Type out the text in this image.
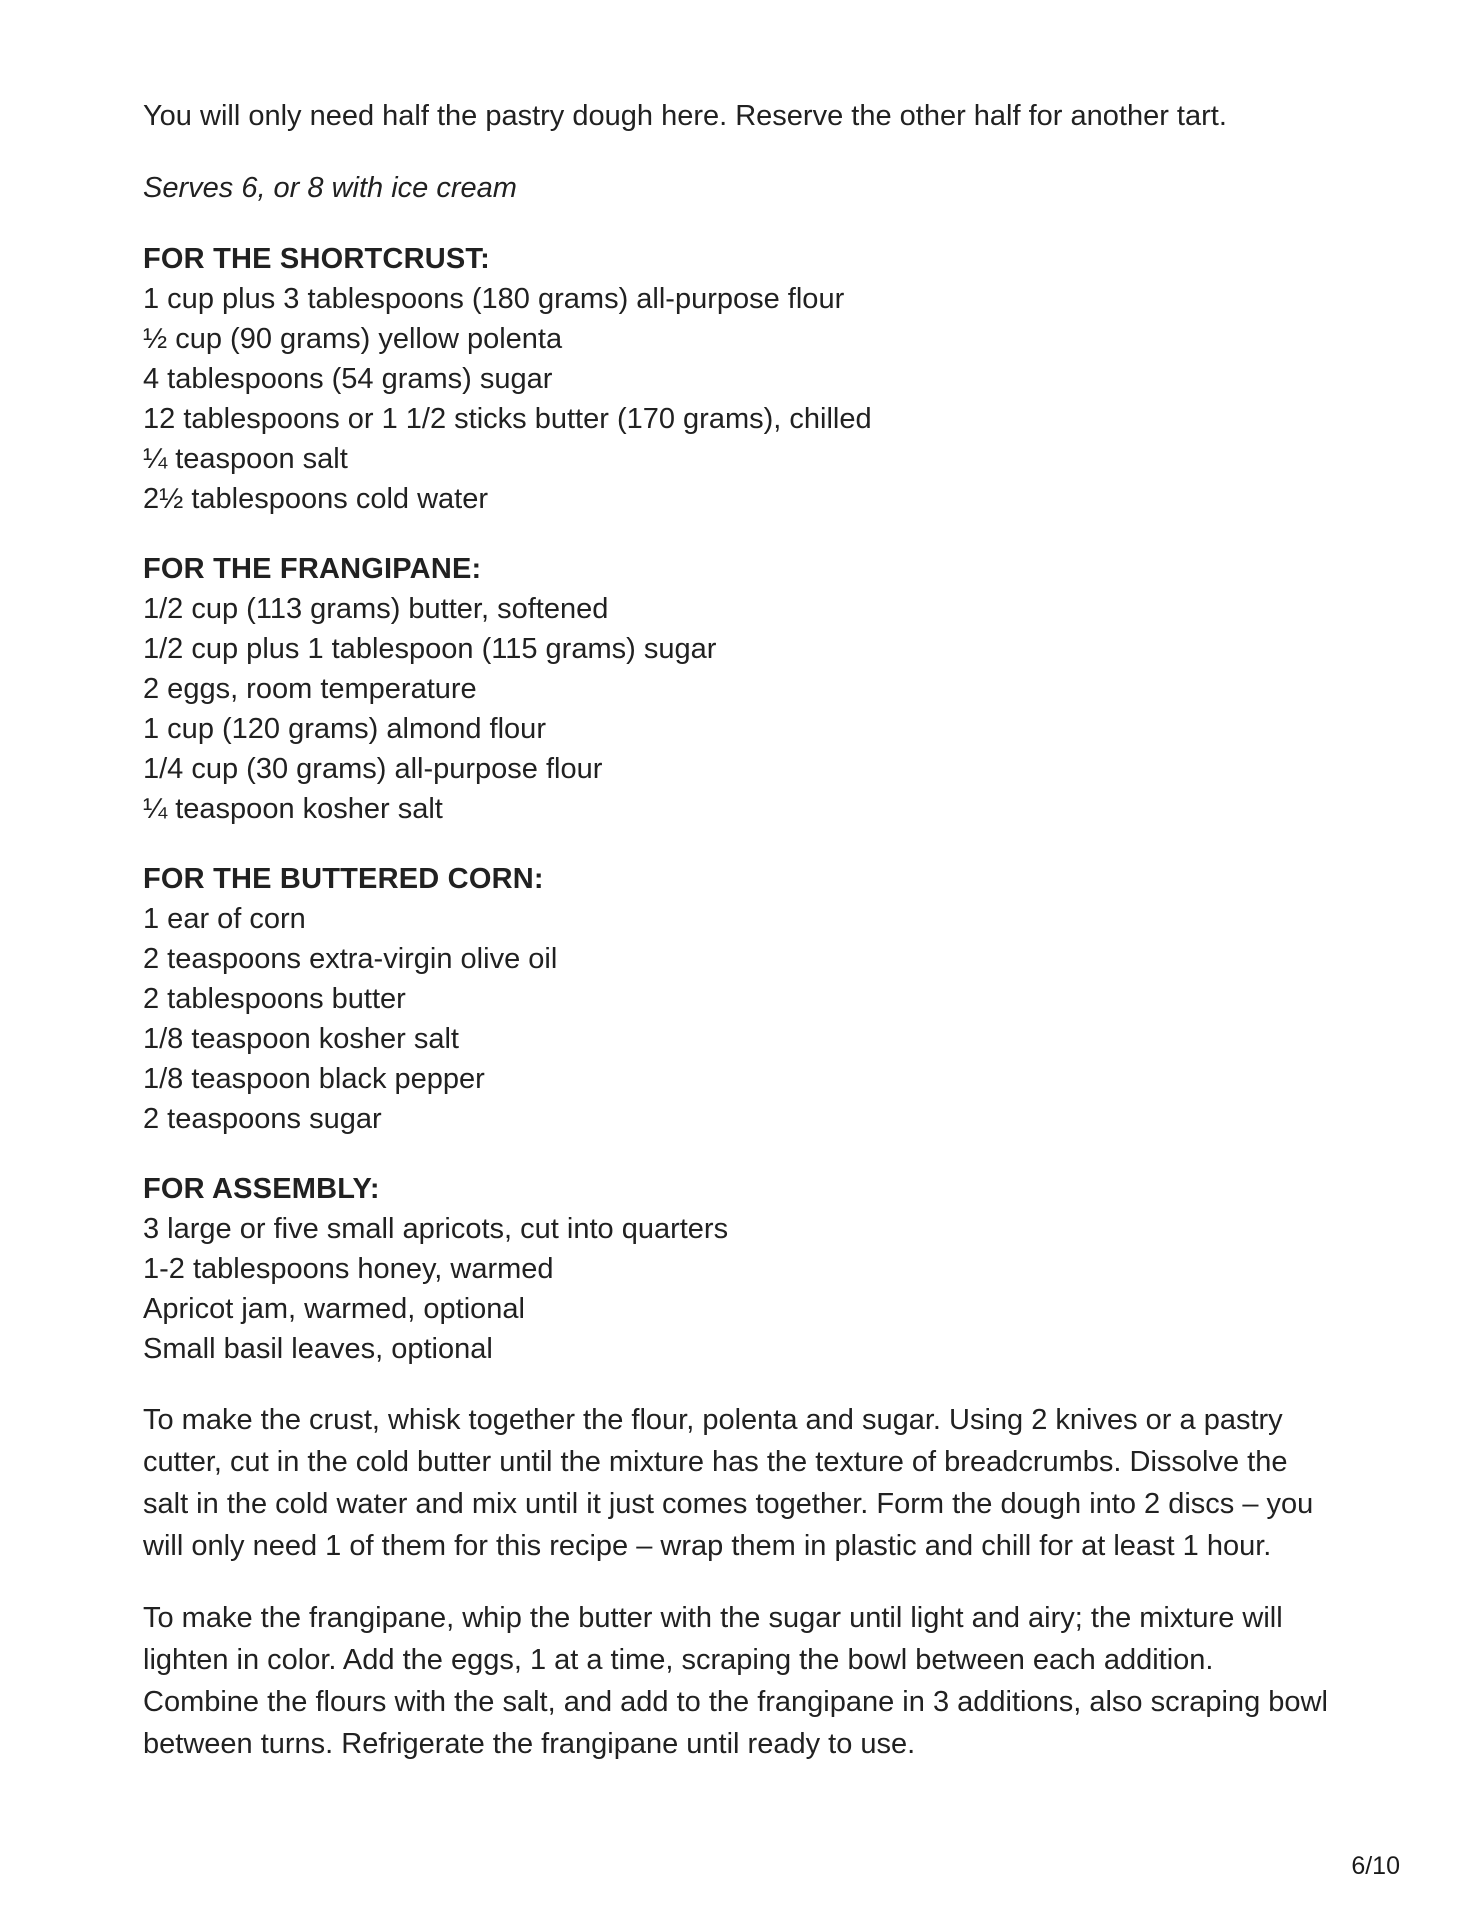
You will only need half the pastry dough here. Reserve the other half for another tart.
Serves 6, or 8 with ice cream
FOR THE SHORTCRUST:
1 cup plus 3 tablespoons (180 grams) all-purpose flour
½ cup (90 grams) yellow polenta
4 tablespoons (54 grams) sugar
12 tablespoons or 1 1/2 sticks butter (170 grams), chilled
¼ teaspoon salt
2½ tablespoons cold water
FOR THE FRANGIPANE:
1/2 cup (113 grams) butter, softened
1/2 cup plus 1 tablespoon (115 grams) sugar
2 eggs, room temperature
1 cup (120 grams) almond flour
1/4 cup (30 grams) all-purpose flour
¼ teaspoon kosher salt
FOR THE BUTTERED CORN:
1 ear of corn
2 teaspoons extra-virgin olive oil
2 tablespoons butter
1/8 teaspoon kosher salt
1/8 teaspoon black pepper
2 teaspoons sugar
FOR ASSEMBLY:
3 large or five small apricots, cut into quarters
1-2 tablespoons honey, warmed
Apricot jam, warmed, optional
Small basil leaves, optional
To make the crust, whisk together the flour, polenta and sugar. Using 2 knives or a pastry
cutter, cut in the cold butter until the mixture has the texture of breadcrumbs. Dissolve the
salt in the cold water and mix until it just comes together. Form the dough into 2 discs – you
will only need 1 of them for this recipe – wrap them in plastic and chill for at least 1 hour.
To make the frangipane, whip the butter with the sugar until light and airy; the mixture will
lighten in color. Add the eggs, 1 at a time, scraping the bowl between each addition.
Combine the flours with the salt, and add to the frangipane in 3 additions, also scraping bowl
between turns. Refrigerate the frangipane until ready to use.
6/10
